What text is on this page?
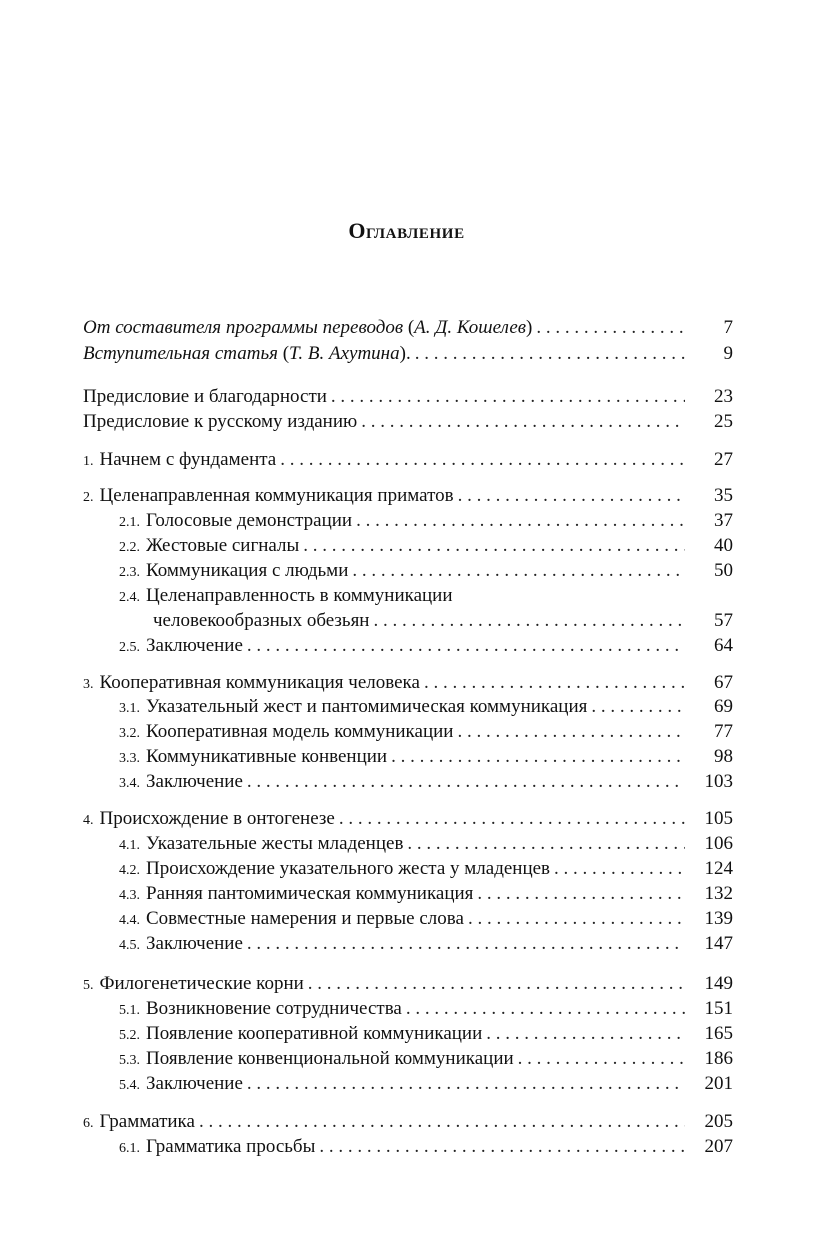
Оглавление
От составителя программы переводов (А. Д. Кошелев) . . .	7
Вступительная статья (Т. В. Ахутина). . . .	9
Предисловие и благодарности . . .	23
Предисловие к русскому изданию . . .	25
1. Начнем с фундамента . . .	27
2. Целенаправленная коммуникация приматов . . .	35
2.1. Голосовые демонстрации . . .	37
2.2. Жестовые сигналы . . .	40
2.3. Коммуникация с людьми . . .	50
2.4. Целенаправленность в коммуникации
человекообразных обезьян . . .	57
2.5. Заключение . . .	64
3. Кооперативная коммуникация человека . . .	67
3.1. Указательный жест и пантомимическая коммуникация . . .	69
3.2. Кооперативная модель коммуникации . . .	77
3.3. Коммуникативные конвенции . . .	98
3.4. Заключение . . .	103
4. Происхождение в онтогенезе . . .	105
4.1. Указательные жесты младенцев . . .	106
4.2. Происхождение указательного жеста у младенцев . . .	124
4.3. Ранняя пантомимическая коммуникация . . .	132
4.4. Совместные намерения и первые слова . . .	139
4.5. Заключение . . .	147
5. Филогенетические корни . . .	149
5.1. Возникновение сотрудничества . . .	151
5.2. Появление кооперативной коммуникации . . .	165
5.3. Появление конвенциональной коммуникации . . .	186
5.4. Заключение . . .	201
6. Грамматика . . .	205
6.1. Грамматика просьбы . . .	207
